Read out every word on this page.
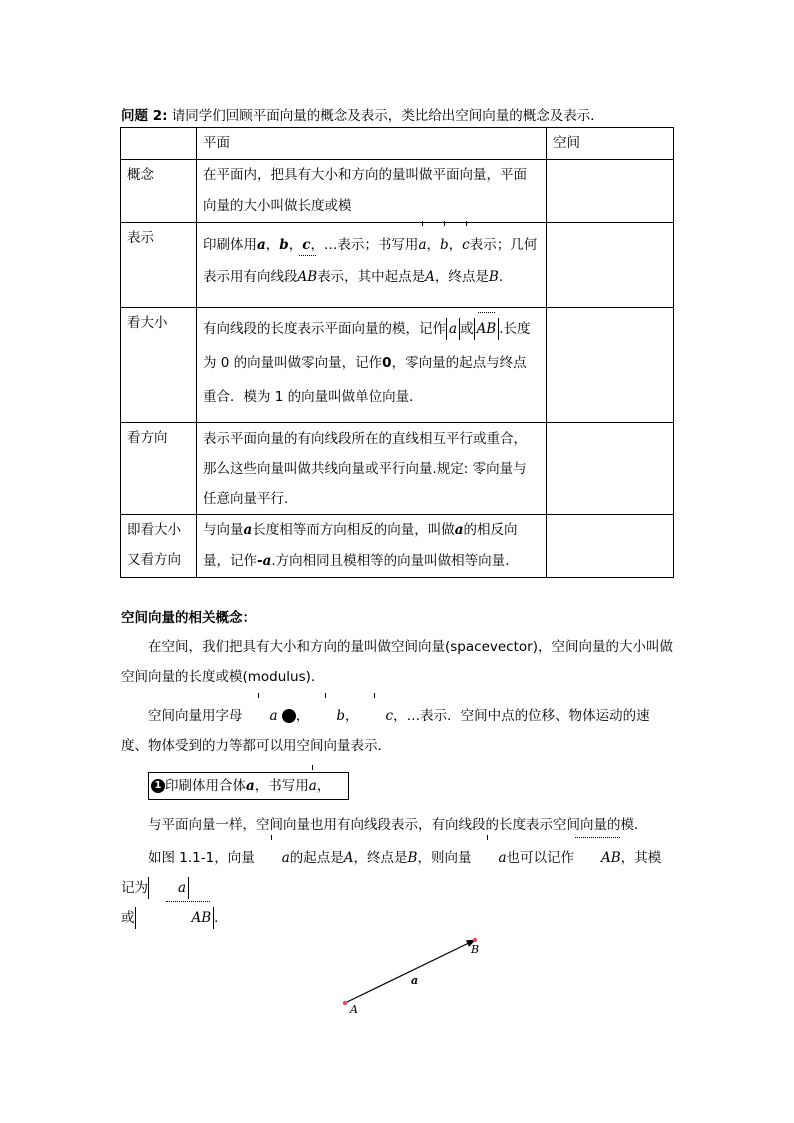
问题 2: 请同学们回顾平面向量的概念及表示，类比给出空间向量的概念及表示．
	平面	空间
概念	在平面内，把具有大小和方向的量叫做平面向量，平面向量的大小叫做长度或模	

表示	印刷体用a，b，c，…表示；书写用a，b，c表示；几何表示用有向线段AB表示，其中起点是A，终点是B.	

看大小	有向线段的长度表示平面向量的模，记作 a 或 AB .长度为 0 的向量叫做零向量，记作0，零向量的起点与终点重合．模为 1 的向量叫做单位向量．	

看方向	表示平面向量的有向线段所在的直线相互平行或重合，那么这些向量叫做共线向量或平行向量.规定: 零向量与任意向量平行.	

即看大小
又看方向	与向量a长度相等而方向相反的向量，叫做a的相反向量，记作-a.方向相同且模相等的向量叫做相等向量.	

空间向量的相关概念：
在空间，我们把具有大小和方向的量叫做空间向量(spacevector)，空间向量的大小叫做空间向量的长度或模(modulus)．
空间向量用字母 a	1， b， c，…表示．空间中点的位移、物体运动的速度、物体受到的力等都可以用空间向量表示．
1 印刷体用合体a，书写用a，
与平面向量一样，空间向量也用有向线段表示，有向线段的长度表示空间向量的模．
如图 1.1-1，向量 a的起点是A，终点是B，则向量 a也可以记作 AB，其模记为 a
或	AB ．
A
B
a
